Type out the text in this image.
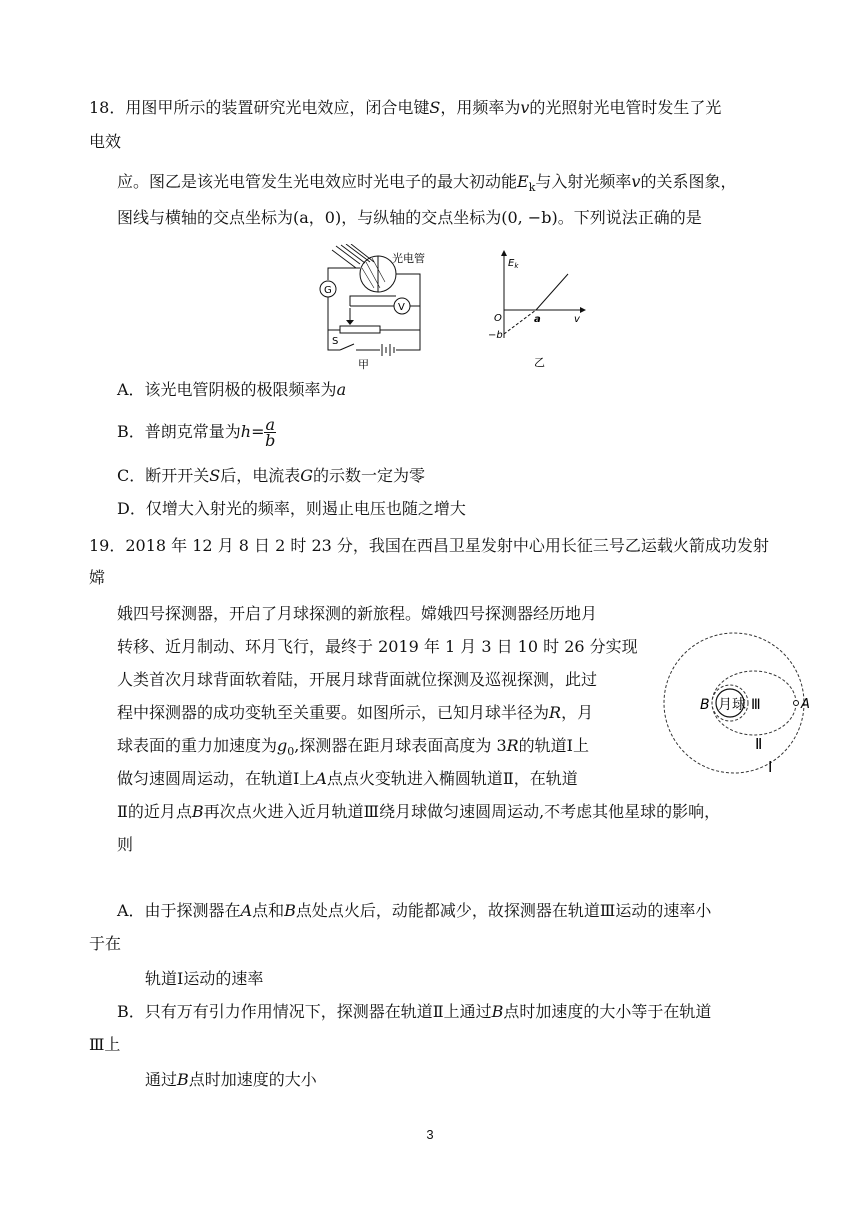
18．用图甲所示的装置研究光电效应，闭合电键S，用频率为v的光照射光电管时发生了光
电效
应。图乙是该光电管发生光电效应时光电子的最大初动能$E_k$与入射光频率v的关系图象，
图线与横轴的交点坐标为(a，0)，与纵轴的交点坐标为(0, −b)。下列说法正确的是
光电管
G
V
S
甲
$E_k$
O	a	v
−b
乙
A．该光电管阴极的极限频率为a
B．普朗克常量为$h= \frac{a}{b}$
C．断开开关S后，电流表G的示数一定为零
D．仅增大入射光的频率，则遏止电压也随之增大
19．2018 年 12 月 8 日 2 时 23 分，我国在西昌卫星发射中心用长征三号乙运载火箭成功发射
嫦
娥四号探测器，开启了月球探测的新旅程。嫦娥四号探测器经历地月
转移、近月制动、环月飞行，最终于 2019 年 1 月 3 日 10 时 26 分实现
人类首次月球背面软着陆，开展月球背面就位探测及巡视探测，此过
程中探测器的成功变轨至关重要。如图所示，已知月球半径为R，月
球表面的重力加速度为$g_0$,探测器在距月球表面高度为 3R的轨道Ⅰ上
做匀速圆周运动，在轨道Ⅰ上A点点火变轨进入椭圆轨道Ⅱ，在轨道
Ⅱ的近月点B再次点火进入近月轨道Ⅲ绕月球做匀速圆周运动,不考虑其他星球的影响，
则
B 月球 Ⅲ	A
Ⅱ
Ⅰ
A．由于探测器在A点和B点处点火后，动能都减少，故探测器在轨道Ⅲ运动的速率小
于在
轨道Ⅰ运动的速率
B．只有万有引力作用情况下，探测器在轨道Ⅱ上通过B点时加速度的大小等于在轨道
Ⅲ上
通过B点时加速度的大小
3
